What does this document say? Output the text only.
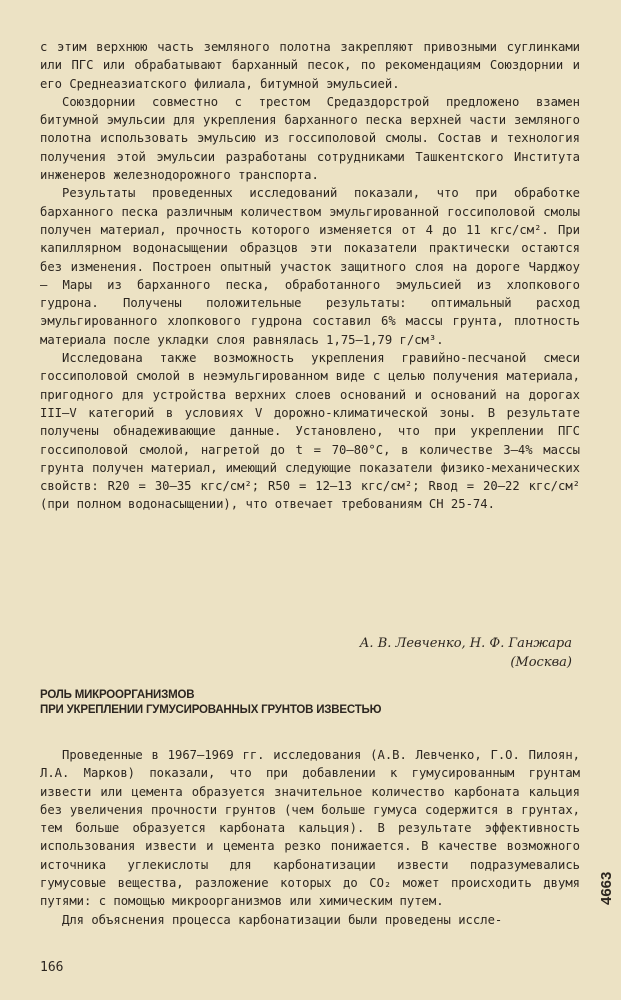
с этим верхнюю часть земляного полотна закрепляют привозными суглинками или ПГС или обрабатывают барханный песок, по рекомендациям Союздорнии и его Среднеазиатского филиала, битумной эмульсией.

Союздорнии совместно с трестом Средаздорстрой предложено взамен битумной эмульсии для укрепления барханного песка верхней части земляного полотна использовать эмульсию из госсиполовой смолы. Состав и технология получения этой эмульсии разработаны сотрудниками Ташкентского Института инженеров железнодорожного транспорта.

Результаты проведенных исследований показали, что при обработке барханного песка различным количеством эмульгированной госсиполовой смолы получен материал, прочность которого изменяется от 4 до 11 кгс/см². При капиллярном водонасыщении образцов эти показатели практически остаются без изменения. Построен опытный участок защитного слоя на дороге Чарджоу – Мары из барханного песка, обработанного эмульсией из хлопкового гудрона. Получены положительные результаты: оптимальный расход эмульгированного хлопкового гудрона составил 6% массы грунта, плотность материала после укладки слоя равнялась 1,75–1,79 г/см³.

Исследована также возможность укрепления гравийно-песчаной смеси госсиполовой смолой в неэмульгированном виде с целью получения материала, пригодного для устройства верхних слоев оснований и оснований на дорогах III–V категорий в условиях V дорожно-климатической зоны. В результате получены обнадеживающие данные. Установлено, что при укреплении ПГС госсиполовой смолой, нагретой до t = 70–80°С, в количестве 3–4% массы грунта получен материал, имеющий следующие показатели физико-механических свойств: R20 = 30–35 кгс/см²; R50 = 12–13 кгс/см²; Rвод = 20–22 кгс/см² (при полном водонасыщении), что отвечает требованиям СН 25-74.

А. В. Левченко, Н. Ф. Ганжара
(Москва)
РОЛЬ МИКРООРГАНИЗМОВ
ПРИ УКРЕПЛЕНИИ ГУМУСИРОВАННЫХ ГРУНТОВ ИЗВЕСТЬЮ

Проведенные в 1967–1969 гг. исследования (А.В. Левченко, Г.О. Пилоян, Л.А. Марков) показали, что при добавлении к гумусированным грунтам извести или цемента образуется значительное количество карбоната кальция без увеличения прочности грунтов (чем больше гумуса содержится в грунтах, тем больше образуется карбоната кальция). В результате эффективность использования извести и цемента резко понижается. В качестве возможного источника углекислоты для карбонатизации извести подразумевались гумусовые вещества, разложение которых до CO₂ может происходить двумя путями: с помощью микроорганизмов или химическим путем.

Для объяснения процесса карбонатизации были проведены иссле-

166
4663
